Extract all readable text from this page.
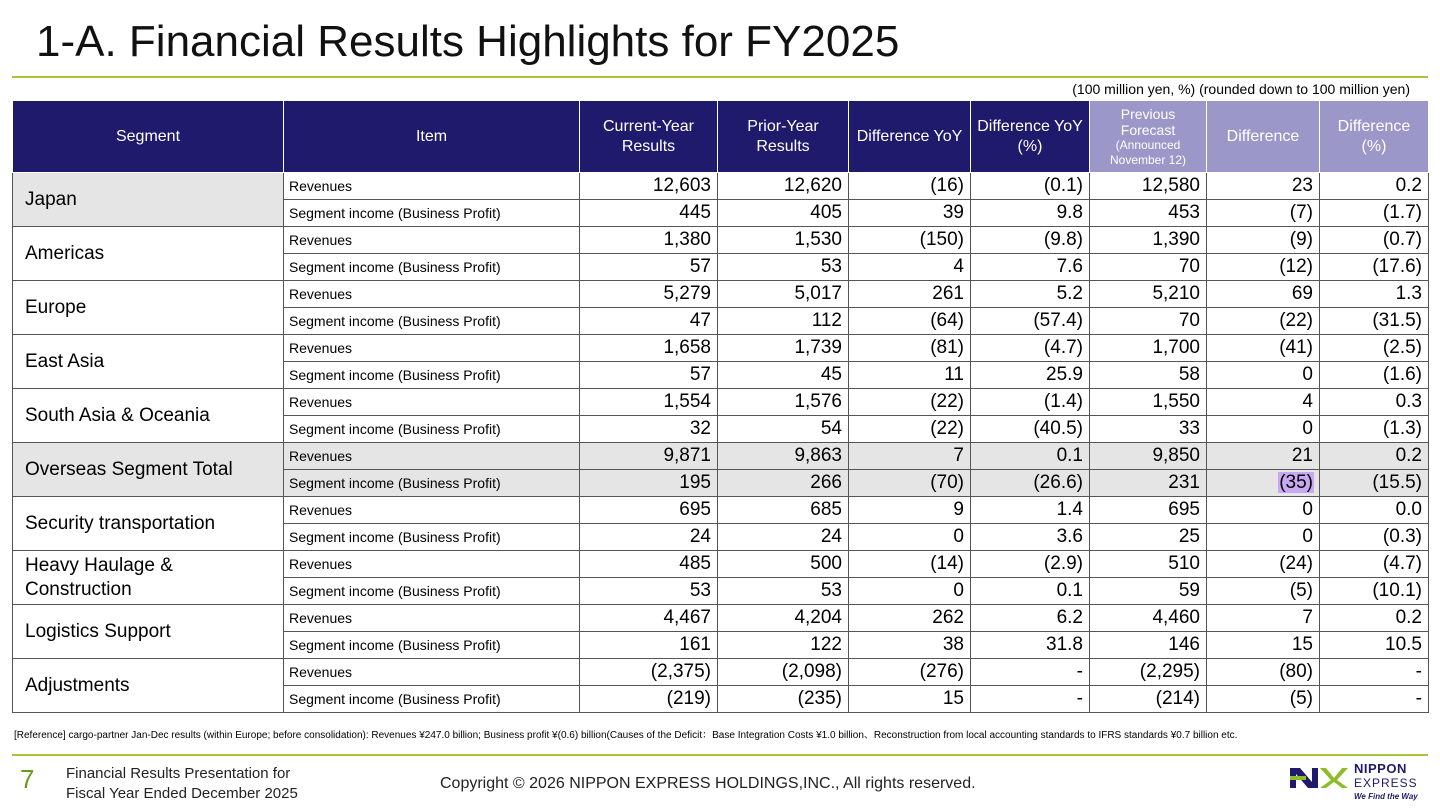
1-A. Financial Results Highlights for FY2025
(100 million yen, %) (rounded down to 100 million yen)
Segment	Item	Current-Year Results	Prior-Year Results	Difference YoY	Difference YoY (%)	Previous
Forecast
(Announced
November 12)	Difference	Difference (%)
Japan	Revenues	12,603	12,620	(16)	(0.1)	12,580	23	0.2
	Segment income (Business Profit)	445	405	39	9.8	453	(7)	(1.7)
Americas	Revenues	1,380	1,530	(150)	(9.8)	1,390	(9)	(0.7)
	Segment income (Business Profit)	57	53	4	7.6	70	(12)	(17.6)
Europe	Revenues	5,279	5,017	261	5.2	5,210	69	1.3
	Segment income (Business Profit)	47	112	(64)	(57.4)	70	(22)	(31.5)
East Asia	Revenues	1,658	1,739	(81)	(4.7)	1,700	(41)	(2.5)
	Segment income (Business Profit)	57	45	11	25.9	58	0	(1.6)
South Asia & Oceania	Revenues	1,554	1,576	(22)	(1.4)	1,550	4	0.3
	Segment income (Business Profit)	32	54	(22)	(40.5)	33	0	(1.3)
Overseas Segment Total	Revenues	9,871	9,863	7	0.1	9,850	21	0.2
	Segment income (Business Profit)	195	266	(70)	(26.6)	231	(35)	(15.5)
Security transportation	Revenues	695	685	9	1.4	695	0	0.0
	Segment income (Business Profit)	24	24	0	3.6	25	0	(0.3)
Heavy Haulage & Construction	Revenues	485	500	(14)	(2.9)	510	(24)	(4.7)
	Segment income (Business Profit)	53	53	0	0.1	59	(5)	(10.1)
Logistics Support	Revenues	4,467	4,204	262	6.2	4,460	7	0.2
	Segment income (Business Profit)	161	122	38	31.8	146	15	10.5
Adjustments	Revenues	(2,375)	(2,098)	(276)	-	(2,295)	(80)	-
	Segment income (Business Profit)	(219)	(235)	15	-	(214)	(5)	-
[Reference] cargo-partner Jan-Dec results (within Europe; before consolidation): Revenues ¥247.0 billion; Business profit ¥(0.6) billion(Causes of the Deficit：Base Integration Costs ¥1.0 billion、Reconstruction from local accounting standards to IFRS standards ¥0.7 billion etc.
7 Financial Results Presentation for
Fiscal Year Ended December 2025
Copyright © 2026 NIPPON EXPRESS HOLDINGS,INC., All rights reserved.
NIPPON
EXPRESS
We Find the Way
